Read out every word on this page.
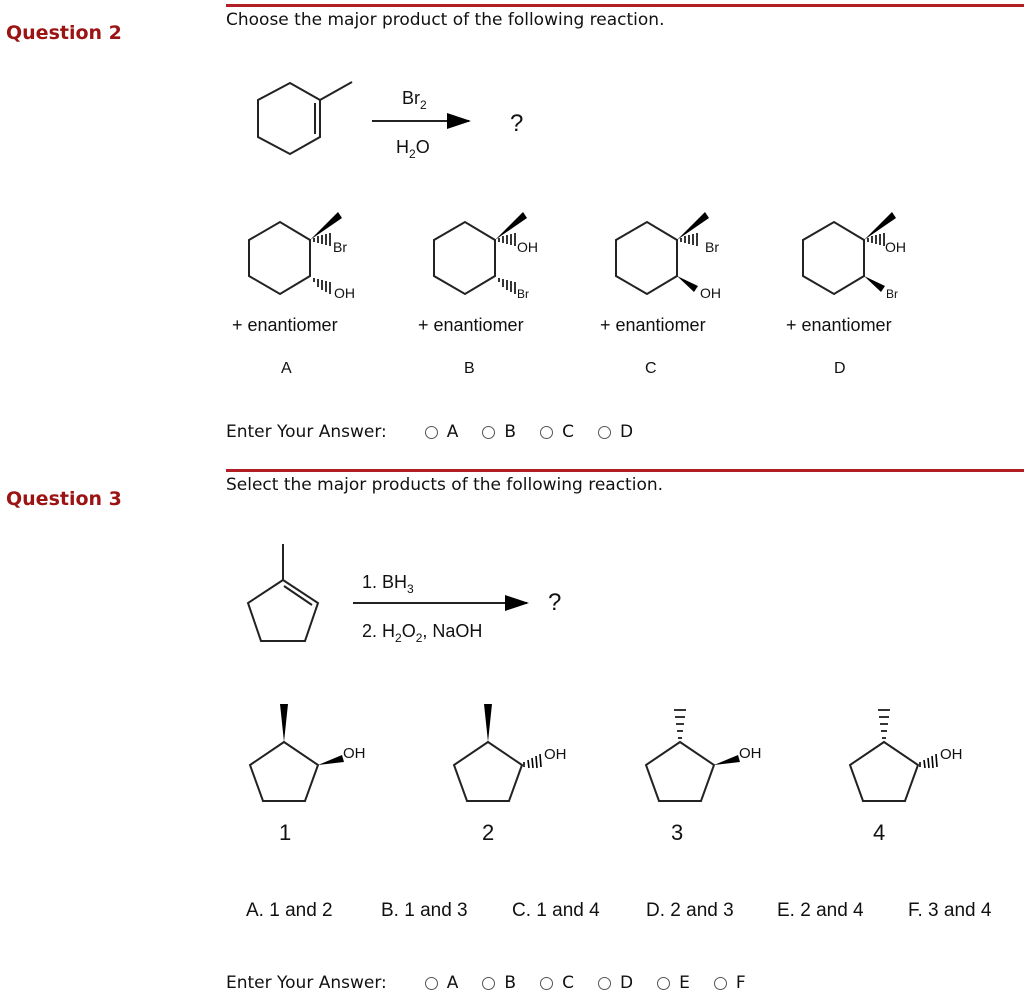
Question 2
Choose the major product of the following reaction.
$Br_2$
$H_2O$
?
Br
OH
OH
Br
Br
OH
OH
Br
+ enantiomer	+ enantiomer	+ enantiomer	+ enantiomer
A	B	C	D
1. $BH_3$
2. $H_2O_2$, NaOH
?
OH	OH	OH	OH
1	2	3	4
Enter Your Answer:	A	B	C	D
Question 3
Select the major products of the following reaction.
A. 1 and 2	B. 1 and 3 C. 1 and 4 D. 2 and 3 E. 2 and 4 F. 3 and 4
Enter Your Answer:	A	B	C	D	E	F
